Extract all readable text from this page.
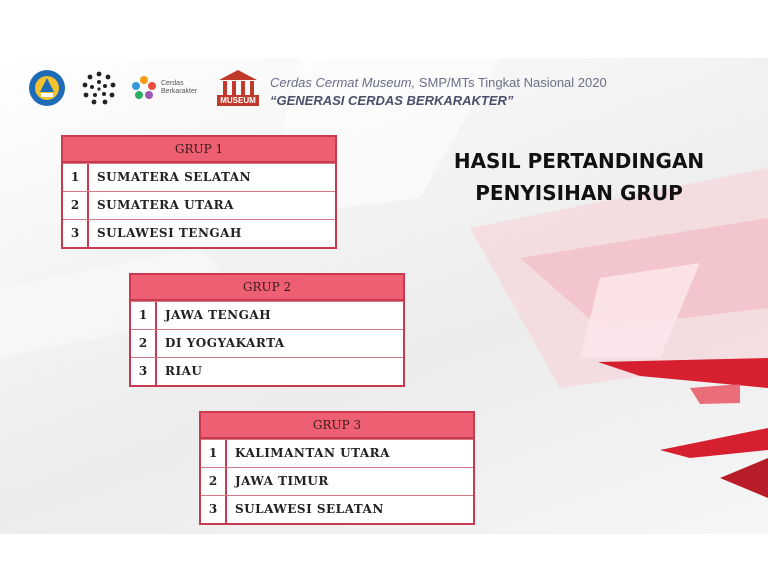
Cerdas Berkarakter
MUSEUM
Cerdas Cermat Museum, SMP/MTs Tingkat Nasional 2020
“GENERASI CERDAS BERKARAKTER”
HASIL PERTANDINGAN
PENYISIHAN GRUP
GRUP 1
1	SUMATERA SELATAN
2	SUMATERA UTARA
3	SULAWESI TENGAH
GRUP 2
1	JAWA TENGAH
2	DI YOGYAKARTA
3	RIAU
GRUP 3
1	KALIMANTAN UTARA
2	JAWA TIMUR
3	SULAWESI SELATAN
